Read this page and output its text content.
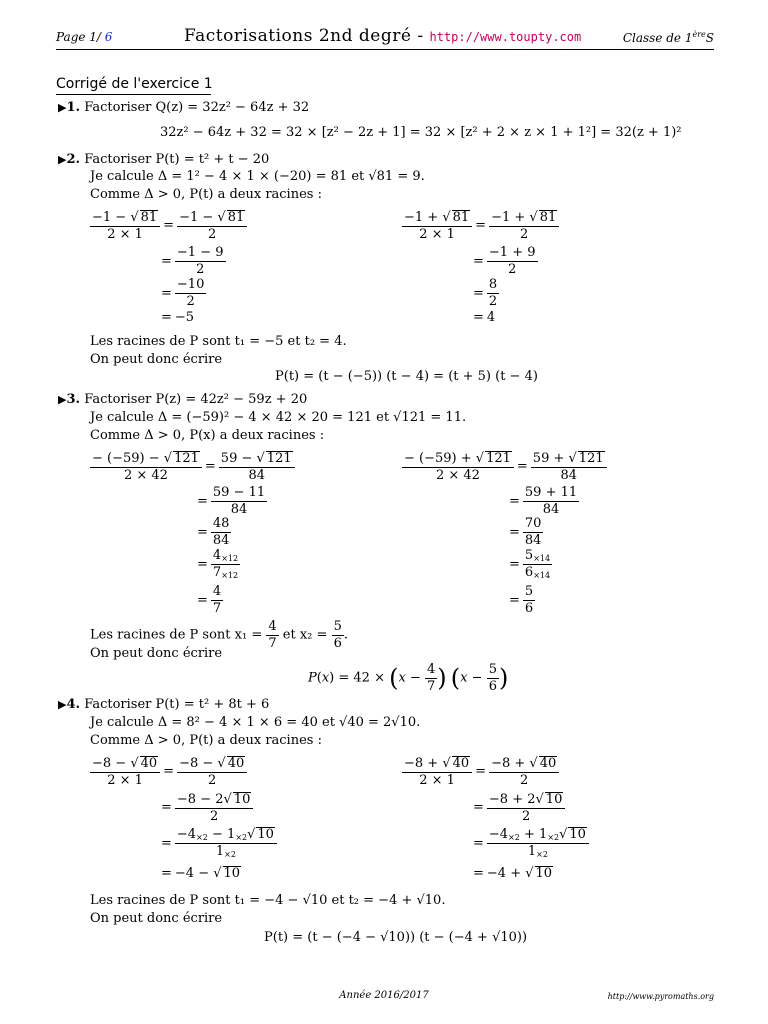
Page 1/ 6	Factorisations 2nd degré - http://www.toupty.com	Classe de 1èreS
Corrigé de l'exercice 1
▶1. Factoriser Q(z) = 32z² − 64z + 32
32z² − 64z + 32 = 32 × [z² − 2z + 1] = 32 × [z² + 2 × z × 1 + 1²] = 32(z + 1)²
▶2. Factoriser P(t) = t² + t − 20
Je calcule Δ = 1² − 4 × 1 × (−20) = 81 et √81 = 9.
Comme Δ > 0, P(t) a deux racines :
$\frac{-1 - √ 81}{2 \times 1} = \frac{-1 - √ 81}{2}$
= $\frac{-1 - 9}{2}$
= $\frac{-10}{2}$
= −5
$\frac{-1 + √ 81}{2 \times 1} = \frac{-1 + √ 81}{2}$
= $\frac{-1 + 9}{2}$
= $\frac{8}{2}$
= 4
Les racines de P sont t₁ = −5 et t₂ = 4.
On peut donc écrire
P(t) = (t − (−5)) (t − 4) = (t + 5) (t − 4)
▶3. Factoriser P(z) = 42z² − 59z + 20
Je calcule Δ = (−59)² − 4 × 42 × 20 = 121 et √121 = 11.
Comme Δ > 0, P(x) a deux racines :
$\frac{- (-59) - √ 121}{2 \times 42} = \frac{59 - √ 121}{84}$
= $\frac{59 - 11}{84}$
= $\frac{48}{84}$
= $\frac{4_{\times 12}}{7_{\times 12}}$
= $\frac{4}{7}$
$\frac{- (-59) + √ 121}{2 \times 42} = \frac{59 + √ 121}{84}$
= $\frac{59 + 11}{84}$
= $\frac{70}{84}$
= $\frac{5_{\times 14}}{6_{\times 14}}$
= $\frac{5}{6}$
Les racines de P sont $x_1 = \frac{4}{7}$ et $x_2 = \frac{5}{6}$ .
On peut donc écrire
$P(x) = 42 \times (x - \frac{4}{7}$ ) ($x - \frac{5}{6}$ )
▶4. Factoriser P(t) = t² + 8t + 6
Je calcule Δ = 8² − 4 × 1 × 6 = 40 et √40 = 2√10.
Comme Δ > 0, P(t) a deux racines :
$\frac{-8 - √ 40}{2 \times 1} = \frac{-8 - √ 40}{2}$
= $\frac{-8 - 2√ 10}{2}$
= $\frac{-4_{\times 2} - 1_{\times 2}√ 10}{1_{\times 2}}$
= −4 − √ 10
$\frac{-8 + √ 40}{2 \times 1} = \frac{-8 + √ 40}{2}$
= $\frac{-8 + 2√ 10}{2}$
= $\frac{-4_{\times 2} + 1_{\times 2}√ 10}{1_{\times 2}}$
= −4 + √ 10
Les racines de P sont t₁ = −4 − √10 et t₂ = −4 + √10.
On peut donc écrire
P(t) = (t − (−4 − √10)) (t − (−4 + √10))
Année 2016/2017	http://www.pyromaths.org
